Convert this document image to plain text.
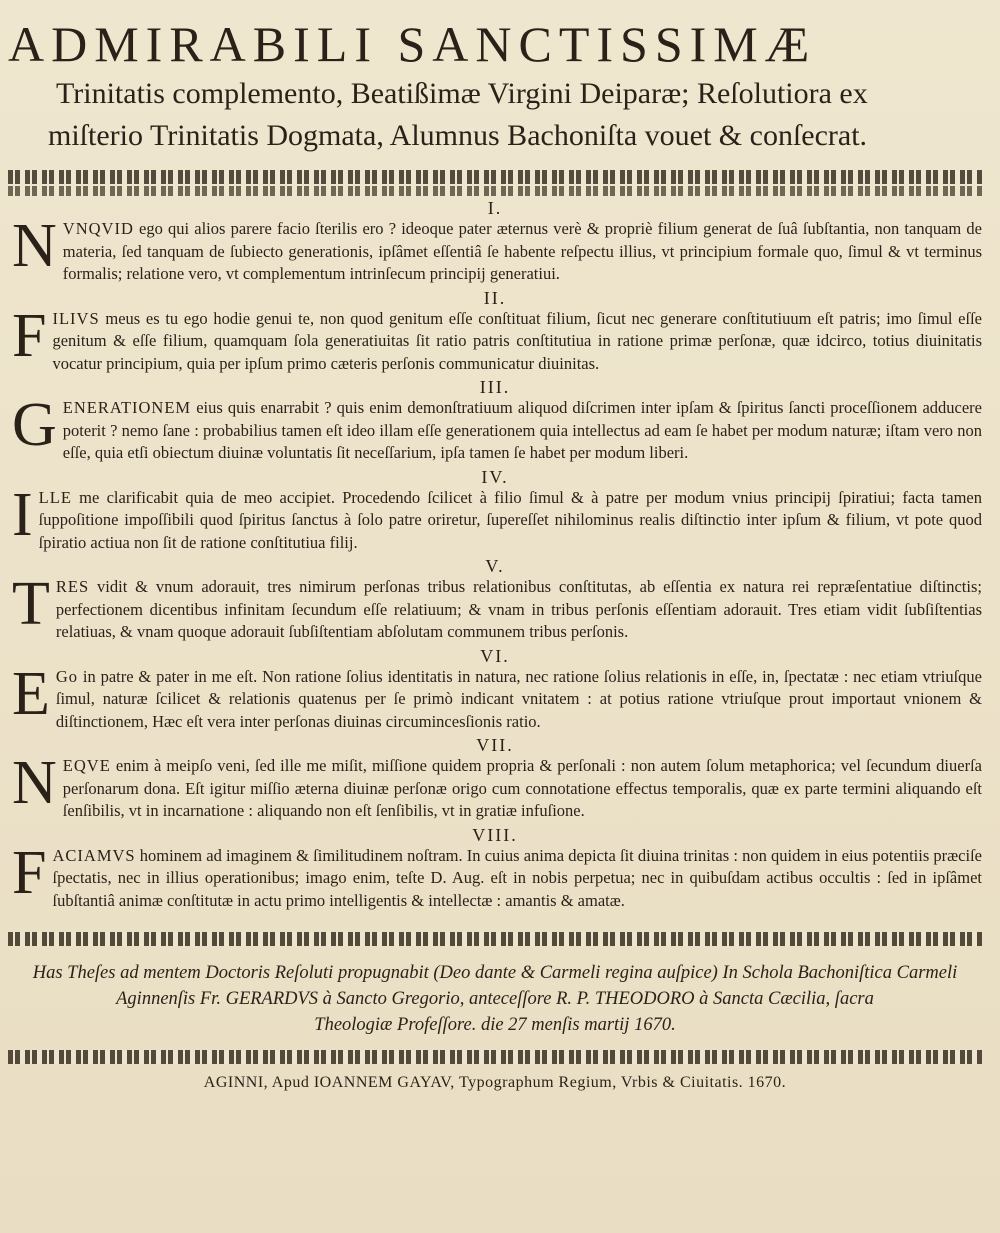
ADMIRABILI SANCTISSIMÆ
Trinitatis complemento, Beatißimæ Virgini Deiparæ; Reſolutiora ex
miſterio Trinitatis Dogmata, Alumnus Bachoniſta vouet & conſecrat.
I.

NVNQVID ego qui alios parere facio ſterilis ero ? ideoque pater æternus verè & propriè filium generat de ſuâ ſubſtantia, non tanquam de materia, ſed tanquam de ſubiecto generationis, ipſâmet eſſentiâ ſe habente reſpectu illius, vt principium formale quo, ſimul & vt terminus formalis; relatione vero, vt complementum intrinſecum principij generatiui.

II.

FILIVS meus es tu ego hodie genui te, non quod genitum eſſe conſtituat filium, ſicut nec generare conſtitutiuum eſt patris; imo ſimul eſſe genitum & eſſe filium, quamquam ſola generatiuitas ſit ratio patris conſtitutiua in ratione primæ perſonæ, quæ idcirco, totius diuinitatis vocatur principium, quia per ipſum primo cæteris perſonis communicatur diuinitas.

III.

GENERATIONEM eius quis enarrabit ? quis enim demonſtratiuum aliquod diſcrimen inter ipſam & ſpiritus ſancti proceſſionem adducere poterit ? nemo ſane : probabilius tamen eſt ideo illam eſſe generationem quia intellectus ad eam ſe habet per modum naturæ; iſtam vero non eſſe, quia etſi obiectum diuinæ voluntatis ſit neceſſarium, ipſa tamen ſe habet per modum liberi.

IV.

ILLE me clarificabit quia de meo accipiet. Procedendo ſcilicet à filio ſimul & à patre per modum vnius principij ſpiratiui; facta tamen ſuppoſitione impoſſibili quod ſpiritus ſanctus à ſolo patre oriretur, ſupereſſet nihilominus realis diſtinctio inter ipſum & filium, vt pote quod ſpiratio actiua non ſit de ratione conſtitutiua filij.

V.

TRES vidit & vnum adorauit, tres nimirum perſonas tribus relationibus conſtitutas, ab eſſentia ex natura rei repræſentatiue diſtinctis; perfectionem dicentibus infinitam ſecundum eſſe relatiuum; & vnam in tribus perſonis eſſentiam adorauit. Tres etiam vidit ſubſiſtentias relatiuas, & vnam quoque adorauit ſubſiſtentiam abſolutam communem tribus perſonis.

VI.

E Go in patre & pater in me eſt. Non ratione ſolius identitatis in natura, nec ratione ſolius relationis in eſſe, in, ſpectatæ : nec etiam vtriuſque ſimul, naturæ ſcilicet & relationis quatenus per ſe primò indicant vnitatem : at potius ratione vtriuſque prout importaut vnionem & diſtinctionem, Hæc eſt vera inter perſonas diuinas circumincesſionis ratio.

VII.

NEQVE enim à meipſo veni, ſed ille me miſit, miſſione quidem propria & perſonali : non autem ſolum metaphorica; vel ſecundum diuerſa perſonarum dona. Eſt igitur miſſio æterna diuinæ perſonæ origo cum connotatione effectus temporalis, quæ ex parte termini aliquando eſt ſenſibilis, vt in incarnatione : aliquando non eſt ſenſibilis, vt in gratiæ infuſione.

VIII.

FACIAMVS hominem ad imaginem & ſimilitudinem noſtram. In cuius anima depicta ſit diuina trinitas : non quidem in eius potentiis præciſe ſpectatis, nec in illius operationibus; imago enim, teſte D. Aug. eſt in nobis perpetua; nec in quibuſdam actibus occultis : ſed in ipſâmet ſubſtantiâ animæ conſtitutæ in actu primo intelligentis & intellectæ : amantis & amatæ.

Has Theſes ad mentem Doctoris Reſoluti propugnabit (Deo dante & Carmeli regina auſpice) In Schola Bachoniſtica Carmeli
Aginnenſis Fr. GERARDVS à Sancto Gregorio, anteceſſore R. P. THEODORO à Sancta Cæcilia, ſacra
Theologiæ Profeſſore. die 27 menſis martij 1670.
AGINNI, Apud IOANNEM GAYAV, Typographum Regium, Vrbis & Ciuitatis. 1670.
